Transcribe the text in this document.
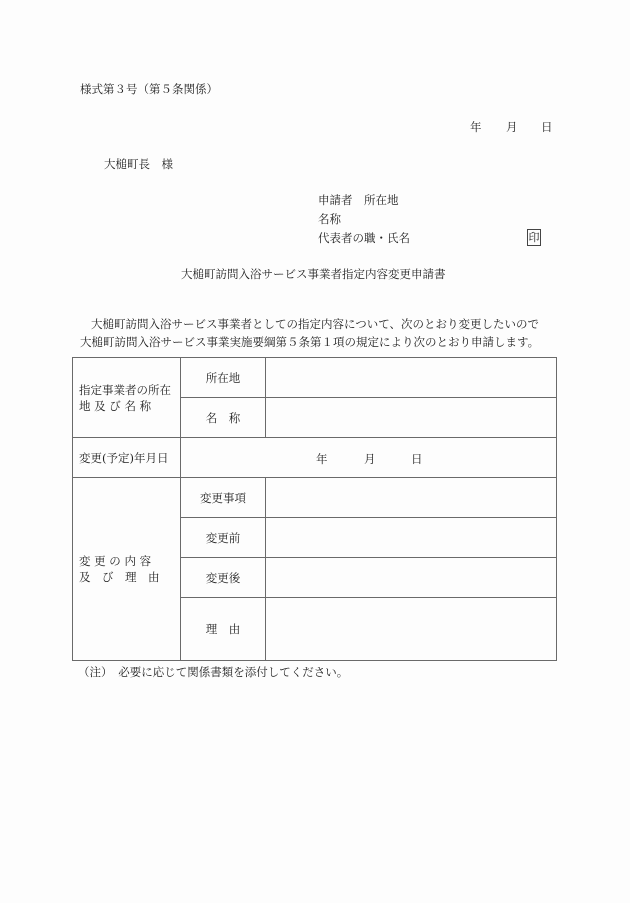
様式第３号（第５条関係）
年 月 日
大槌町長　様
申請者　所在地
名称
代表者の職・氏名	印
大槌町訪問入浴サービス事業者指定内容変更申請書
大槌町訪問入浴サービス事業者としての指定内容について、次のとおり変更したいので
大槌町訪問入浴サービス事業実施要綱第５条第１項の規定により次のとおり申請します。
指定事業者の所在
地 及 び 名 称	所在地	
	名　称	
変更(予定)年月日	年 月 日	

変 更 の 内 容
及　び　理　由	変更事項	
	変更前	
	変更後	
	理　由	
（注）　必要に応じて関係書類を添付してください。
